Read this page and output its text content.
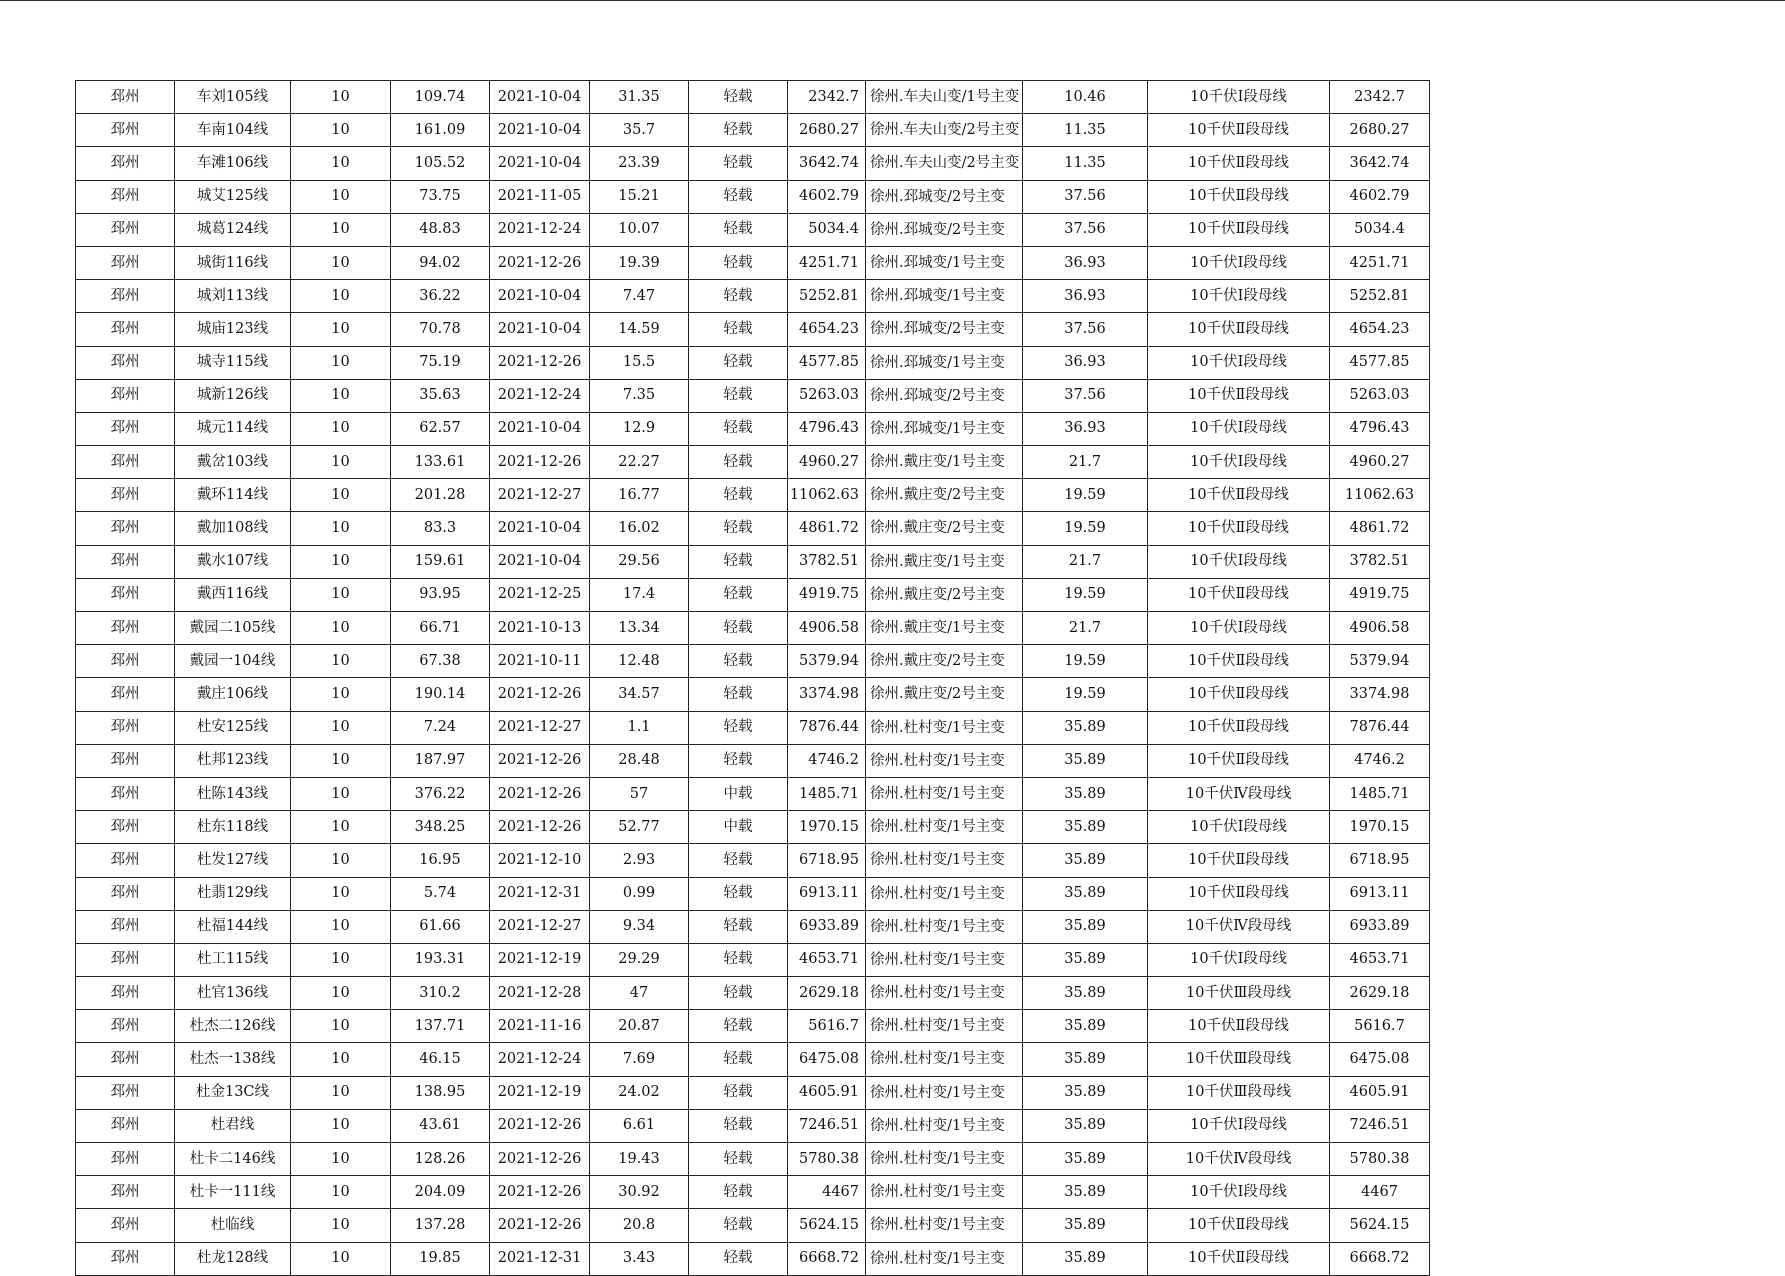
邳州	车刘105线	10	109.74	2021-10-04	31.35	轻载	2342.7	徐州.车夫山变/1号主变	10.46	10千伏Ⅰ段母线	2342.7
邳州	车南104线	10	161.09	2021-10-04	35.7	轻载	2680.27	徐州.车夫山变/2号主变	11.35	10千伏Ⅱ段母线	2680.27
邳州	车滩106线	10	105.52	2021-10-04	23.39	轻载	3642.74	徐州.车夫山变/2号主变	11.35	10千伏Ⅱ段母线	3642.74
邳州	城艾125线	10	73.75	2021-11-05	15.21	轻载	4602.79	徐州.邳城变/2号主变	37.56	10千伏Ⅱ段母线	4602.79
邳州	城葛124线	10	48.83	2021-12-24	10.07	轻载	5034.4	徐州.邳城变/2号主变	37.56	10千伏Ⅱ段母线	5034.4
邳州	城街116线	10	94.02	2021-12-26	19.39	轻载	4251.71	徐州.邳城变/1号主变	36.93	10千伏Ⅰ段母线	4251.71
邳州	城刘113线	10	36.22	2021-10-04	7.47	轻载	5252.81	徐州.邳城变/1号主变	36.93	10千伏Ⅰ段母线	5252.81
邳州	城庙123线	10	70.78	2021-10-04	14.59	轻载	4654.23	徐州.邳城变/2号主变	37.56	10千伏Ⅱ段母线	4654.23
邳州	城寺115线	10	75.19	2021-12-26	15.5	轻载	4577.85	徐州.邳城变/1号主变	36.93	10千伏Ⅰ段母线	4577.85
邳州	城新126线	10	35.63	2021-12-24	7.35	轻载	5263.03	徐州.邳城变/2号主变	37.56	10千伏Ⅱ段母线	5263.03
邳州	城元114线	10	62.57	2021-10-04	12.9	轻载	4796.43	徐州.邳城变/1号主变	36.93	10千伏Ⅰ段母线	4796.43
邳州	戴岔103线	10	133.61	2021-12-26	22.27	轻载	4960.27	徐州.戴庄变/1号主变	21.7	10千伏Ⅰ段母线	4960.27
邳州	戴环114线	10	201.28	2021-12-27	16.77	轻载	11062.63	徐州.戴庄变/2号主变	19.59	10千伏Ⅱ段母线	11062.63
邳州	戴加108线	10	83.3	2021-10-04	16.02	轻载	4861.72	徐州.戴庄变/2号主变	19.59	10千伏Ⅱ段母线	4861.72
邳州	戴水107线	10	159.61	2021-10-04	29.56	轻载	3782.51	徐州.戴庄变/1号主变	21.7	10千伏Ⅰ段母线	3782.51
邳州	戴西116线	10	93.95	2021-12-25	17.4	轻载	4919.75	徐州.戴庄变/2号主变	19.59	10千伏Ⅱ段母线	4919.75
邳州	戴园二105线	10	66.71	2021-10-13	13.34	轻载	4906.58	徐州.戴庄变/1号主变	21.7	10千伏Ⅰ段母线	4906.58
邳州	戴园一104线	10	67.38	2021-10-11	12.48	轻载	5379.94	徐州.戴庄变/2号主变	19.59	10千伏Ⅱ段母线	5379.94
邳州	戴庄106线	10	190.14	2021-12-26	34.57	轻载	3374.98	徐州.戴庄变/2号主变	19.59	10千伏Ⅱ段母线	3374.98
邳州	杜安125线	10	7.24	2021-12-27	1.1	轻载	7876.44	徐州.杜村变/1号主变	35.89	10千伏Ⅱ段母线	7876.44
邳州	杜邦123线	10	187.97	2021-12-26	28.48	轻载	4746.2	徐州.杜村变/1号主变	35.89	10千伏Ⅱ段母线	4746.2
邳州	杜陈143线	10	376.22	2021-12-26	57	中载	1485.71	徐州.杜村变/1号主变	35.89	10千伏Ⅳ段母线	1485.71
邳州	杜东118线	10	348.25	2021-12-26	52.77	中载	1970.15	徐州.杜村变/1号主变	35.89	10千伏Ⅰ段母线	1970.15
邳州	杜发127线	10	16.95	2021-12-10	2.93	轻载	6718.95	徐州.杜村变/1号主变	35.89	10千伏Ⅱ段母线	6718.95
邳州	杜翡129线	10	5.74	2021-12-31	0.99	轻载	6913.11	徐州.杜村变/1号主变	35.89	10千伏Ⅱ段母线	6913.11
邳州	杜福144线	10	61.66	2021-12-27	9.34	轻载	6933.89	徐州.杜村变/1号主变	35.89	10千伏Ⅳ段母线	6933.89
邳州	杜工115线	10	193.31	2021-12-19	29.29	轻载	4653.71	徐州.杜村变/1号主变	35.89	10千伏Ⅰ段母线	4653.71
邳州	杜官136线	10	310.2	2021-12-28	47	轻载	2629.18	徐州.杜村变/1号主变	35.89	10千伏Ⅲ段母线	2629.18
邳州	杜杰二126线	10	137.71	2021-11-16	20.87	轻载	5616.7	徐州.杜村变/1号主变	35.89	10千伏Ⅱ段母线	5616.7
邳州	杜杰一138线	10	46.15	2021-12-24	7.69	轻载	6475.08	徐州.杜村变/1号主变	35.89	10千伏Ⅲ段母线	6475.08
邳州	杜金13C线	10	138.95	2021-12-19	24.02	轻载	4605.91	徐州.杜村变/1号主变	35.89	10千伏Ⅲ段母线	4605.91
邳州	杜君线	10	43.61	2021-12-26	6.61	轻载	7246.51	徐州.杜村变/1号主变	35.89	10千伏Ⅰ段母线	7246.51
邳州	杜卡二146线	10	128.26	2021-12-26	19.43	轻载	5780.38	徐州.杜村变/1号主变	35.89	10千伏Ⅳ段母线	5780.38
邳州	杜卡一111线	10	204.09	2021-12-26	30.92	轻载	4467	徐州.杜村变/1号主变	35.89	10千伏Ⅰ段母线	4467
邳州	杜临线	10	137.28	2021-12-26	20.8	轻载	5624.15	徐州.杜村变/1号主变	35.89	10千伏Ⅱ段母线	5624.15
邳州	杜龙128线	10	19.85	2021-12-31	3.43	轻载	6668.72	徐州.杜村变/1号主变	35.89	10千伏Ⅱ段母线	6668.72
